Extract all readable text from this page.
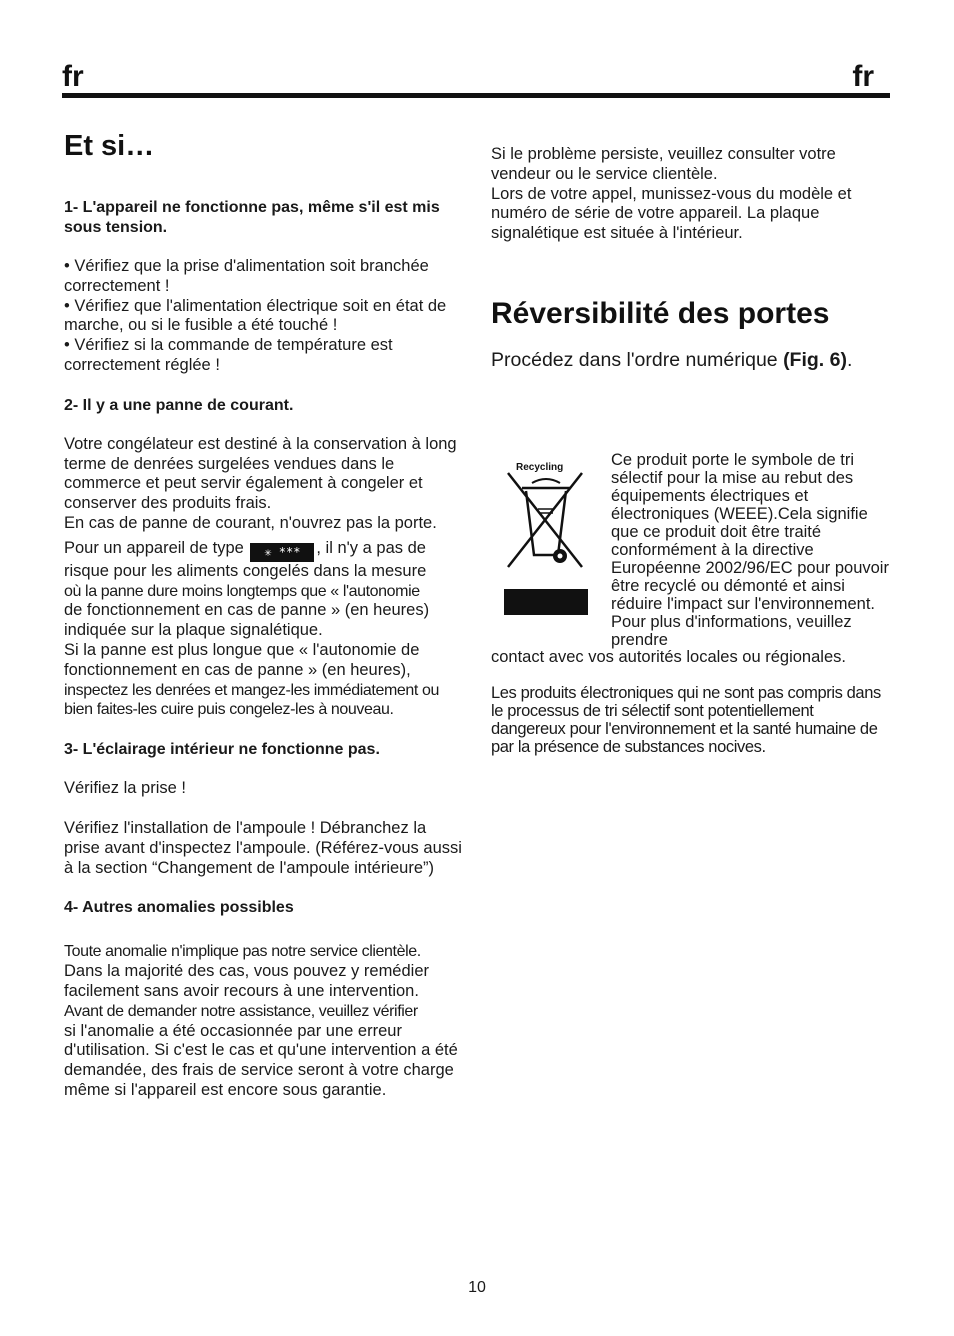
fr	fr
Et si…

1- L'appareil ne fonctionne pas, même s'il est mis sous tension.

• Vérifiez que la prise d'alimentation soit branchée correctement !

• Vérifiez que l'alimentation électrique soit en état de marche, ou si le fusible a été touché !

• Vérifiez si la commande de température est correctement réglée !

2- Il y a une panne de courant.

Votre congélateur est destiné à la conservation à long terme de denrées surgelées vendues dans le commerce et peut servir également à congeler et conserver des produits frais.

En cas de panne de courant, n'ouvrez pas la porte.

Pour un appareil de type ✳ *** , il n'y a pas de risque pour les aliments congelés dans la mesure

où la panne dure moins longtemps que « l'autonomie

de fonctionnement en cas de panne » (en heures) indiquée sur la plaque signalétique.

Si la panne est plus longue que « l'autonomie de fonctionnement en cas de panne » (en heures),

inspectez les denrées et mangez-les immédiatement ou bien faites-les cuire puis congelez-les à nouveau.

3- L'éclairage intérieur ne fonctionne pas.

Vérifiez la prise !

Vérifiez l'installation de l'ampoule ! Débranchez la prise avant d'inspectez l'ampoule. (Référez-vous aussi à la section “Changement de l'ampoule intérieure”)

4- Autres anomalies possibles

Toute anomalie n'implique pas notre service clientèle.

Dans la majorité des cas, vous pouvez y remédier facilement sans avoir recours à une intervention.

Avant de demander notre assistance, veuillez vérifier

si l'anomalie a été occasionnée par une erreur d'utilisation. Si c'est le cas et qu'une intervention a été demandée, des frais de service seront à votre charge même si l'appareil est encore sous garantie.

Si le problème persiste, veuillez consulter votre vendeur ou le service clientèle.

Lors de votre appel, munissez-vous du modèle et numéro de série de votre appareil. La plaque signalétique est située à l'intérieur.

Réversibilité des portes

Procédez dans l'ordre numérique (Fig. 6).

Recycling	Ce produit porte le symbole de tri sélectif pour la mise au rebut des équipements électriques et électroniques (WEEE).Cela signifie que ce produit doit être traité conformément à la directive Européenne 2002/96/EC pour pouvoir être recyclé ou démonté et ainsi réduire l'impact sur l'environnement. Pour plus d'informations, veuillez prendre

contact avec vos autorités locales ou régionales.

Les produits électroniques qui ne sont pas compris dans le processus de tri sélectif sont potentiellement dangereux pour l'environnement et la santé humaine de par la présence de substances nocives.

10
